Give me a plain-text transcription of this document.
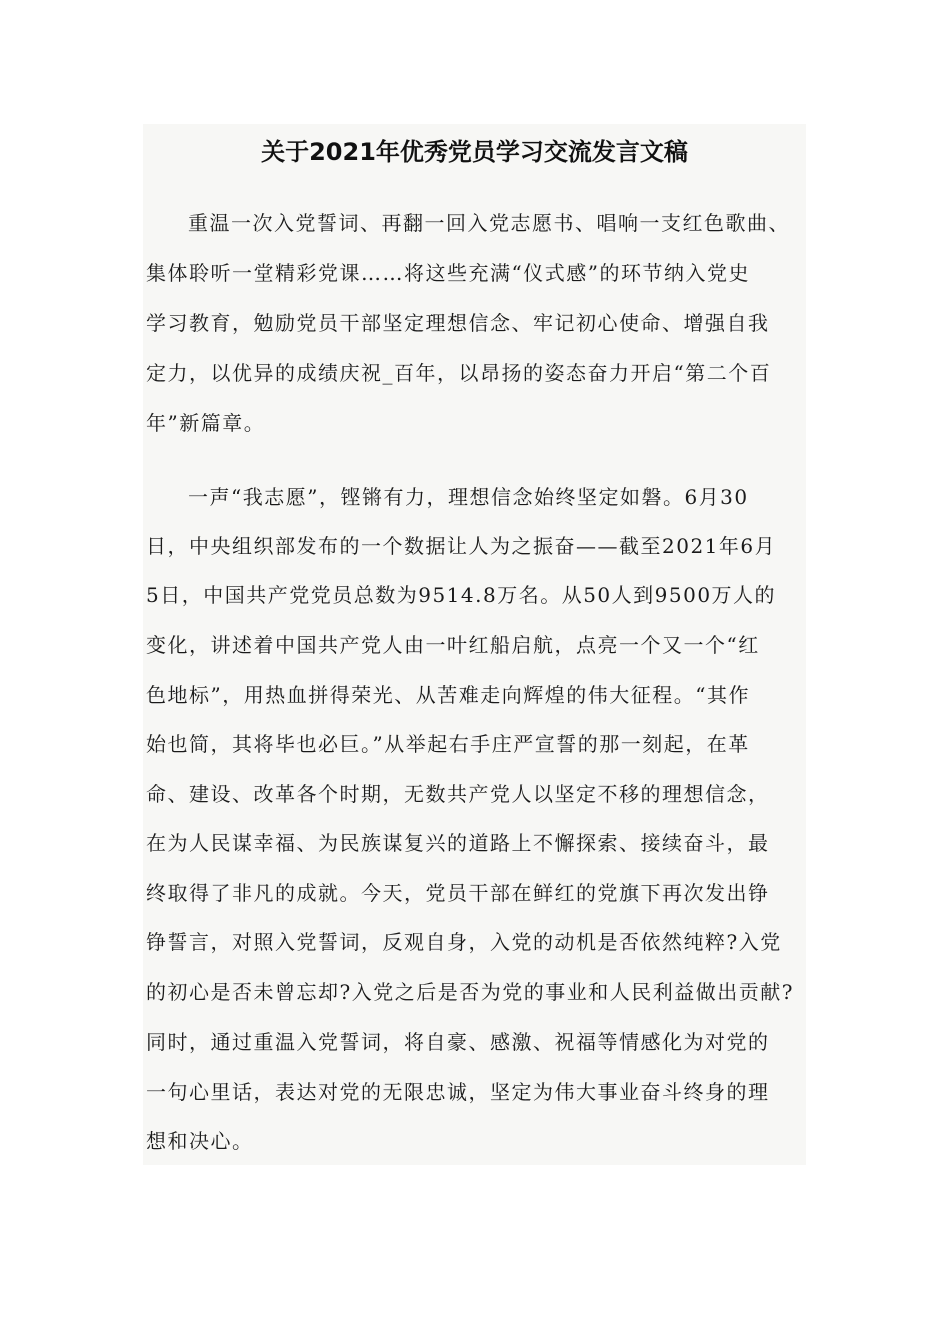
关于2021年优秀党员学习交流发言文稿
重温一次入党誓词、再翻一回入党志愿书、唱响一支红色歌曲、
集体聆听一堂精彩党课……将这些充满“仪式感”的环节纳入党史
学习教育，勉励党员干部坚定理想信念、牢记初心使命、增强自我
定力，以优异的成绩庆祝_百年，以昂扬的姿态奋力开启“第二个百
年”新篇章。
一声“我志愿”，铿锵有力，理想信念始终坚定如磐。6月30
日，中央组织部发布的一个数据让人为之振奋——截至2021年6月
5日，中国共产党党员总数为9514.8万名。从50人到9500万人的
变化，讲述着中国共产党人由一叶红船启航，点亮一个又一个“红
色地标”，用热血拼得荣光、从苦难走向辉煌的伟大征程。“其作
始也简，其将毕也必巨。”从举起右手庄严宣誓的那一刻起，在革
命、建设、改革各个时期，无数共产党人以坚定不移的理想信念，
在为人民谋幸福、为民族谋复兴的道路上不懈探索、接续奋斗，最
终取得了非凡的成就。今天，党员干部在鲜红的党旗下再次发出铮
铮誓言，对照入党誓词，反观自身，入党的动机是否依然纯粹?入党
的初心是否未曾忘却?入党之后是否为党的事业和人民利益做出贡献?
同时，通过重温入党誓词，将自豪、感激、祝福等情感化为对党的
一句心里话，表达对党的无限忠诚，坚定为伟大事业奋斗终身的理
想和决心。
